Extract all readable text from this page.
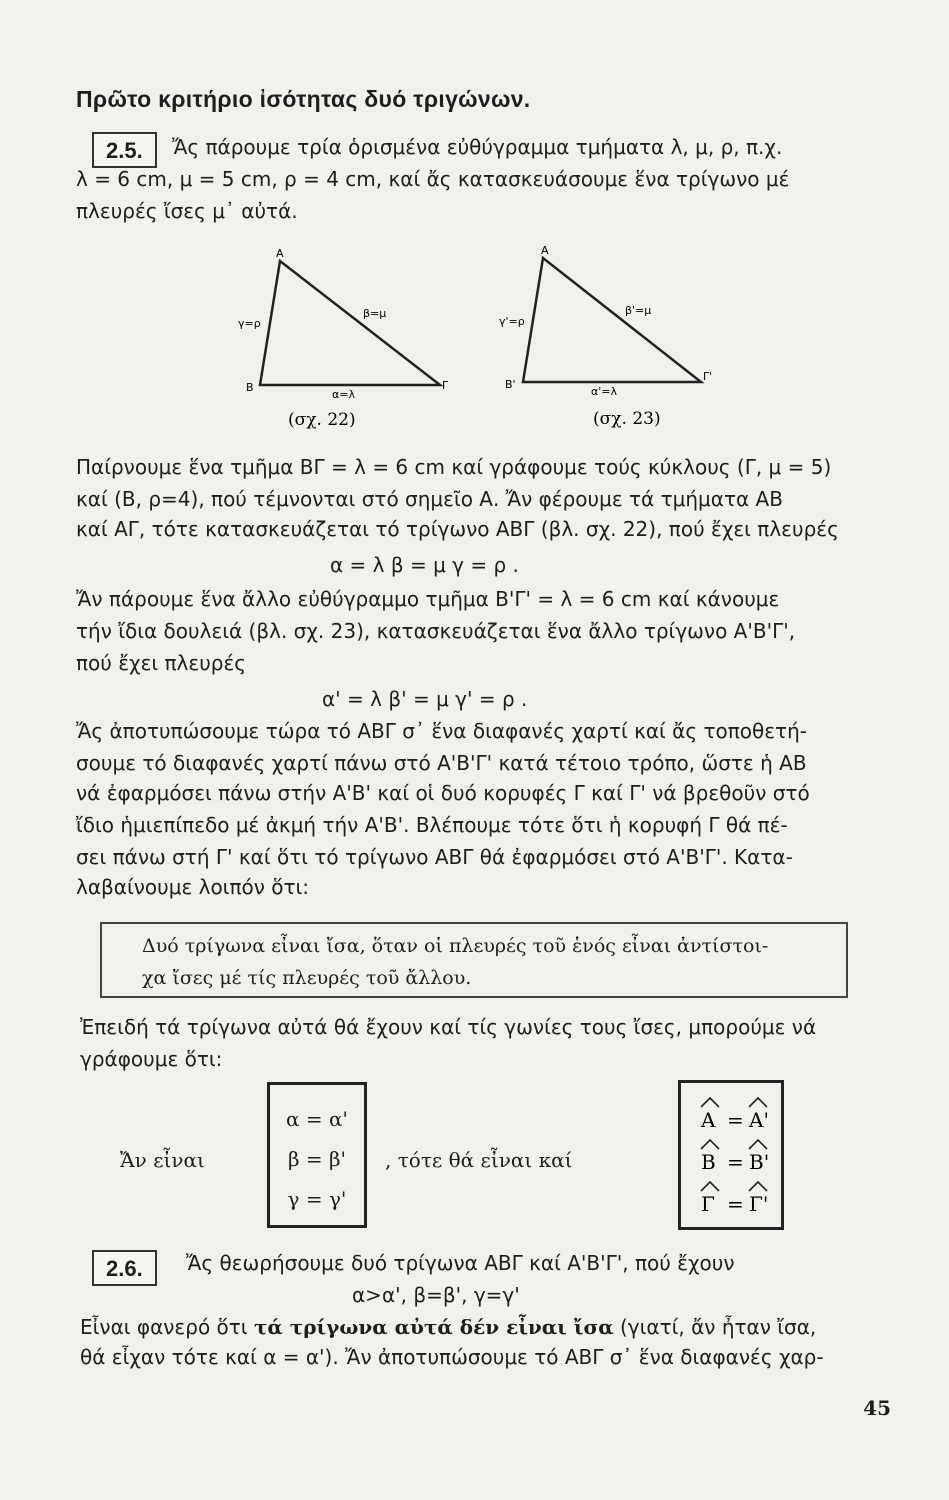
Πρῶτο κριτήριο ἰσότητας δυό τριγώνων.
2.5.	Ἄς πάρουμε τρία ὁρισμένα εὐθύγραμμα τμήματα λ, μ, ρ, π.χ.
λ = 6 cm, μ = 5 cm, ρ = 4 cm, καί ἄς κατασκευάσουμε ἕνα τρίγωνο μέ
πλευρές ἴσες μ᾿ αὐτά.
Α
Β	Γ
γ=ρ
β=μ
α=λ
(σχ. 22)
Α
Β'
Γ'
γ'=ρ
β'=μ
α'=λ
(σχ. 23)
Παίρνουμε ἕνα τμῆμα ΒΓ = λ = 6 cm καί γράφουμε τούς κύκλους (Γ, μ = 5)
καί (Β, ρ=4), πού τέμνονται στό σημεῖο Α. Ἄν φέρουμε τά τμήματα ΑΒ
καί ΑΓ, τότε κατασκευάζεται τό τρίγωνο ΑΒΓ (βλ. σχ. 22), πού ἔχει πλευρές
α = λ β = μ γ = ρ .
Ἄν πάρουμε ἕνα ἄλλο εὐθύγραμμο τμῆμα Β'Γ' = λ = 6 cm καί κάνουμε
τήν ἴδια δουλειά (βλ. σχ. 23), κατασκευάζεται ἕνα ἄλλο τρίγωνο Α'Β'Γ',
πού ἔχει πλευρές
α' = λ β' = μ γ' = ρ .
Ἄς ἀποτυπώσουμε τώρα τό ΑΒΓ σ᾿ ἕνα διαφανές χαρτί καί ἄς τοποθετή-
σουμε τό διαφανές χαρτί πάνω στό Α'Β'Γ' κατά τέτοιο τρόπο, ὥστε ἡ ΑΒ
νά ἐφαρμόσει πάνω στήν Α'Β' καί οἱ δυό κορυφές Γ καί Γ' νά βρεθοῦν στό
ἴδιο ἡμιεπίπεδο μέ ἀκμή τήν Α'Β'. Βλέπουμε τότε ὅτι ἡ κορυφή Γ θά πέ-
σει πάνω στή Γ' καί ὅτι τό τρίγωνο ΑΒΓ θά ἐφαρμόσει στό Α'Β'Γ'. Κατα-
λαβαίνουμε λοιπόν ὅτι:
Δυό τρίγωνα εἶναι ἴσα, ὅταν οἱ πλευρές τοῦ ἑνός εἶναι ἀντίστοι-
χα ἴσες μέ τίς πλευρές τοῦ ἄλλου.
Ἐπειδή τά τρίγωνα αὐτά θά ἔχουν καί τίς γωνίες τους ἴσες, μπορούμε νά
γράφουμε ὅτι:
Ἄν εἶναι
α = α'
β = β'
γ = γ'
, τότε θά εἶναι καί
Α = Α'
Β = Β'
Γ = Γ'
2.6.	Ἄς θεωρήσουμε δυό τρίγωνα ΑΒΓ καί Α'Β'Γ', πού ἔχουν
α>α', β=β', γ=γ'
Εἶναι φανερό ὅτι τά τρίγωνα αὐτά δέν εἶναι ἴσα (γιατί, ἄν ἦταν ἴσα,
θά εἶχαν τότε καί α = α'). Ἄν ἀποτυπώσουμε τό ΑΒΓ σ᾿ ἕνα διαφανές χαρ-
45
